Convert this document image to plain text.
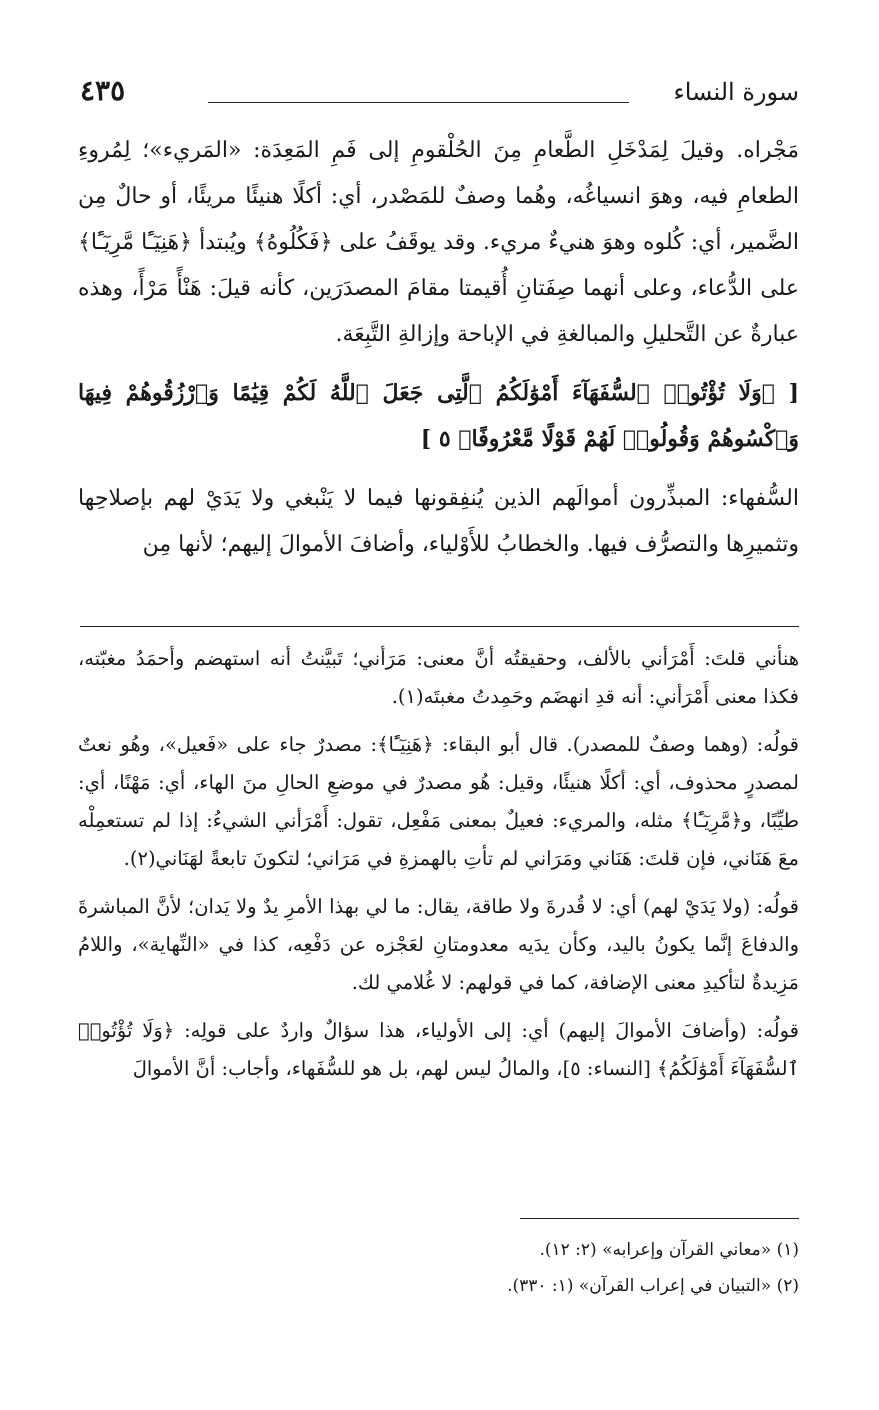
سورة النساء
٤٣٥

مَجْراه. وقيلَ لِمَدْخَلِ الطَّعامِ مِنَ الحُلْقومِ إلى فَمِ المَعِدَة: «المَريء»؛ لِمُروءِ الطعامِ فيه، وهوَ انسياغُه، وهُما وصفٌ للمَصْدر، أي: أكلًا هنيئًا مريئًا، أو حالٌ مِن الضَّمير، أي: كُلوه وهوَ هنيءٌ مريء. وقد يوقَفُ على ﴿فَكُلُوهُ﴾ ويُبتدأ ﴿هَنِيٓـًٔا مَّرِيٓـًٔا﴾ على الدُّعاء، وعلى أنهما صِفَتانِ أُقيمتا مقامَ المصدَرَين، كأنه قيلَ: هَنْأً مَرْأً، وهذه عبارةٌ عن التَّحليلِ والمبالغةِ في الإباحة وإزالةِ التَّبِعَة.

[ ﴿وَلَا تُؤْتُوا۟ ٱلسُّفَهَآءَ أَمْوَٰلَكُمُ ٱلَّتِى جَعَلَ ٱللَّهُ لَكُمْ قِيَٰمًا وَٱرْزُقُوهُمْ فِيهَا وَٱكْسُوهُمْ وَقُولُوا۟ لَهُمْ قَوْلًا مَّعْرُوفًا﴾ ٥ ]

السُّفهاء: المبذِّرون أموالَهم الذين يُنفِقونها فيما لا يَنْبغي ولا يَدَيْ لهم بإصلاحِها وتثميرِها والتصرُّف فيها. والخطابُ للأَوْلياء، وأضافَ الأموالَ إليهم؛ لأنها مِن

هنأني قلتَ: أَمْرَأني بالألف، وحقيقتُه أنَّ معنى: مَرَأني؛ تَبيَّنتُ أنه استهضم وأحمَدُ مغبّته، فكذا معنى أَمْرَأني: أنه قدِ انهضَم وحَمِدتُ مغبتَه(١).

قولُه: (وهما وصفٌ للمصدر). قال أبو البقاء: ﴿هَنِيٓـًٔا﴾: مصدرٌ جاء على «فَعيل»، وهُو نعتٌ لمصدرٍ محذوف، أي: أكلًا هنيئًا، وقيل: هُو مصدرٌ في موضعِ الحالِ منَ الهاء، أي: مَهْنًا، أي: طيِّبًا، و﴿مَّرِيٓـًٔا﴾ مثله، والمريء: فعيلٌ بمعنى مَفْعِل، تقول: أَمْرَأني الشيءُ: إذا لم تستعمِلْه معَ هَنَاني، فإن قلتَ: هَنَاني ومَرَاني لم تأتِ بالهمزةِ في مَرَاني؛ لتكونَ تابعةً لهَنَاني(٢).

قولُه: (ولا يَدَيْ لهم) أي: لا قُدرةَ ولا طاقة، يقال: ما لي بهذا الأمرِ يدٌ ولا يَدان؛ لأنَّ المباشرةَ والدفاعَ إنَّما يكونُ باليد، وكأن يدَيه معدومتانِ لعَجْزه عن دَفْعِه، كذا في «النِّهاية»، واللامُ مَزِيدةٌ لتأكيدِ معنى الإضافة، كما في قولهم: لا غُلامي لك.

قولُه: (وأضافَ الأموالَ إليهم) أي: إلى الأولياء، هذا سؤالٌ واردٌ على قولِه: ﴿وَلَا تُؤْتُوا۟ ٱلسُّفَهَآءَ أَمْوَٰلَكُمُ﴾ [النساء: ٥]، والمالُ ليس لهم، بل هو للسُّفَهاء، وأجاب: أنَّ الأموالَ

(١) «معاني القرآن وإعرابه» (٢: ١٢).
(٢) «التبيان في إعراب القرآن» (١: ٣٣٠).
